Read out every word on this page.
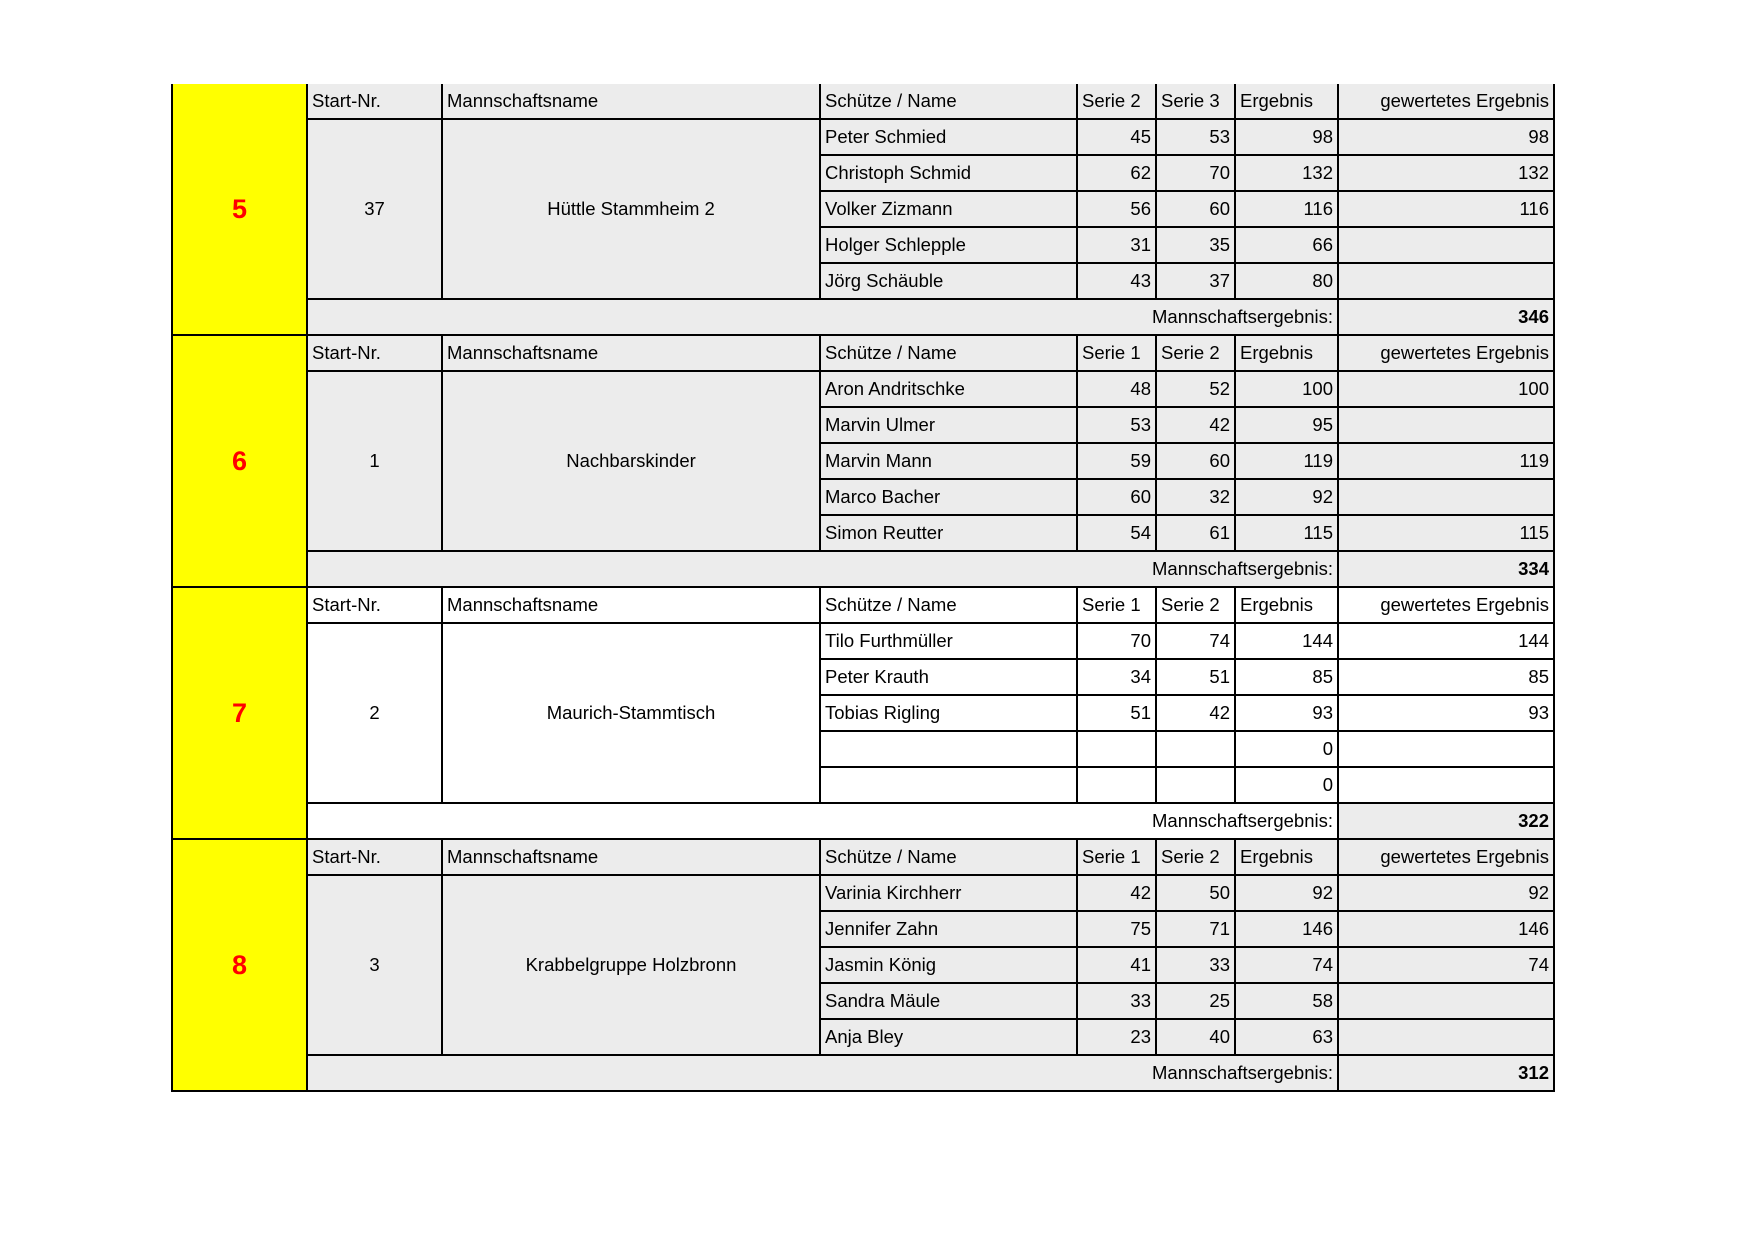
5	Start-Nr.	Mannschaftsname	Schütze / Name	Serie 2	Serie 3	Ergebnis	gewertetes Ergebnis
	37	Hüttle Stammheim 2	Peter Schmied	45	53	98	98
			Christoph Schmid	62	70	132	132
			Volker Zizmann	56	60	116	116
			Holger Schlepple	31	35	66	
			Jörg Schäuble	43	37	80	
	Mannschaftsergebnis:						346
6	Start-Nr.	Mannschaftsname	Schütze / Name	Serie 1	Serie 2	Ergebnis	gewertetes Ergebnis
	1	Nachbarskinder	Aron Andritschke	48	52	100	100
			Marvin Ulmer	53	42	95	
			Marvin Mann	59	60	119	119
			Marco Bacher	60	32	92	
			Simon Reutter	54	61	115	115
	Mannschaftsergebnis:						334
7	Start-Nr.	Mannschaftsname	Schütze / Name	Serie 1	Serie 2	Ergebnis	gewertetes Ergebnis
	2	Maurich-Stammtisch	Tilo Furthmüller	70	74	144	144
			Peter Krauth	34	51	85	85
			Tobias Rigling	51	42	93	93
						0	
						0	
	Mannschaftsergebnis:						322
8	Start-Nr.	Mannschaftsname	Schütze / Name	Serie 1	Serie 2	Ergebnis	gewertetes Ergebnis
	3	Krabbelgruppe Holzbronn	Varinia Kirchherr	42	50	92	92
			Jennifer Zahn	75	71	146	146
			Jasmin König	41	33	74	74
			Sandra Mäule	33	25	58	
			Anja Bley	23	40	63	
	Mannschaftsergebnis:						312
